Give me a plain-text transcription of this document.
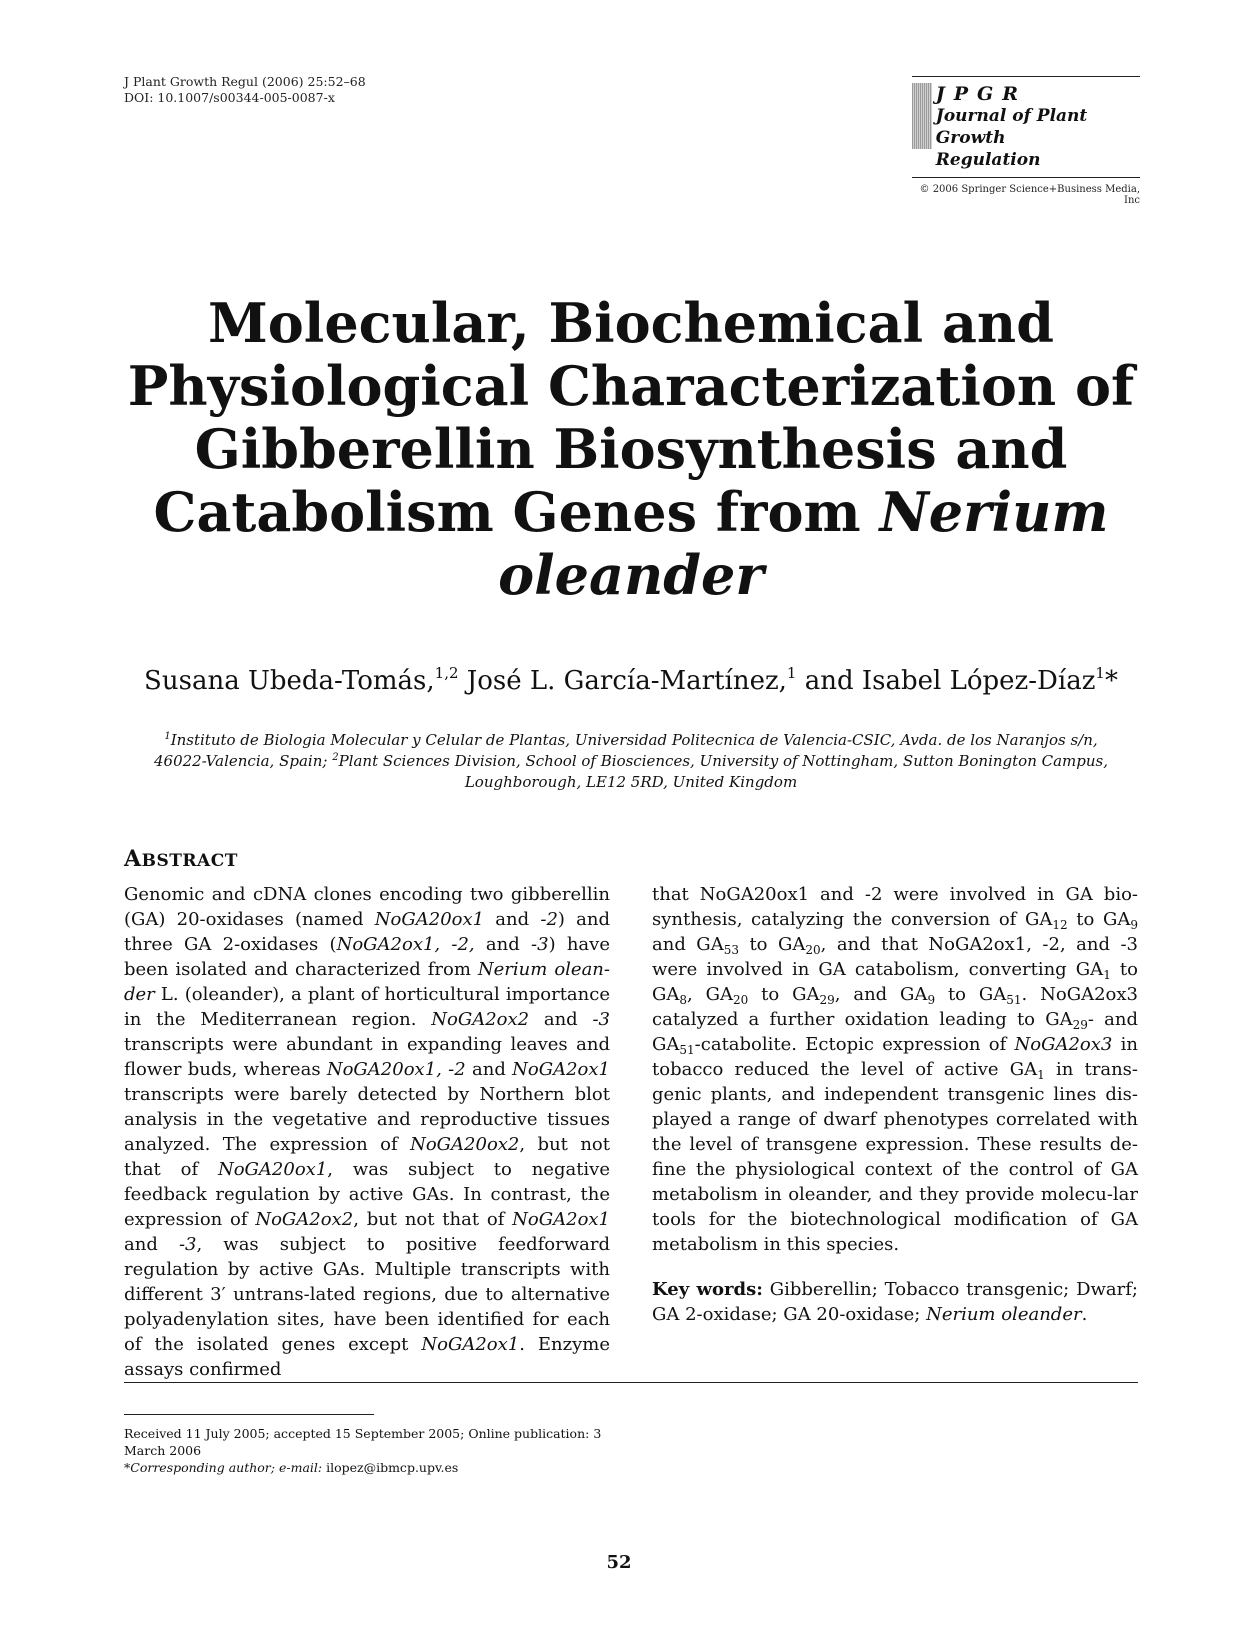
J Plant Growth Regul (2006) 25:52–68
DOI: 10.1007/s00344-005-0087-x	JPGR
Journal of Plant Growth
Regulation
© 2006 Springer Science+Business Media, Inc
Molecular, Biochemical and
Physiological Characterization of
Gibberellin Biosynthesis and
Catabolism Genes from Nerium
oleander
Susana Ubeda-Tomás,$^{1,2}$ José L. García-Martínez,$^1$ and Isabel López-Díaz$^1$*
$^1$Instituto de Biologia Molecular y Celular de Plantas, Universidad Politecnica de Valencia-CSIC, Avda. de los Naranjos s/n,
46022-Valencia, Spain; $^2$Plant Sciences Division, School of Biosciences, University of Nottingham, Sutton Bonington Campus,
Loughborough, LE12 5RD, United Kingdom
ABSTRACT
Genomic and cDNA clones encoding two gibberellin (GA) 20-oxidases (named NoGA20ox1 and -2) and three GA 2-oxidases (NoGA2ox1, -2, and -3) have been isolated and characterized from Nerium olean-der L. (oleander), a plant of horticultural importance in the Mediterranean region. NoGA2ox2 and -3 transcripts were abundant in expanding leaves and flower buds, whereas NoGA20ox1, -2 and NoGA2ox1 transcripts were barely detected by Northern blot analysis in the vegetative and reproductive tissues analyzed. The expression of NoGA20ox2, but not that of NoGA20ox1, was subject to negative feedback regulation by active GAs. In contrast, the expression of NoGA2ox2, but not that of NoGA2ox1 and -3, was subject to positive feedforward regulation by active GAs. Multiple transcripts with different 3′ untrans-lated regions, due to alternative polyadenylation sites, have been identified for each of the isolated genes except NoGA2ox1. Enzyme assays confirmed
that NoGA20ox1 and -2 were involved in GA bio-synthesis, catalyzing the conversion of $GA_{12}$ to $GA_9$ and $GA_{53}$ to $GA_{20}$, and that NoGA2ox1, -2, and -3 were involved in GA catabolism, converting $GA_1$ to $GA_8$, $GA_{20}$ to $GA_{29}$, and $GA_9$ to $GA_{51}$. NoGA2ox3 catalyzed a further oxidation leading to $GA_{29}-$ and $GA_{51}$-catabolite. Ectopic expression of NoGA2ox3 in tobacco reduced the level of active $GA_1$ in trans-genic plants, and independent transgenic lines dis-played a range of dwarf phenotypes correlated with the level of transgene expression. These results de-fine the physiological context of the control of GA metabolism in oleander, and they provide molecu-lar tools for the biotechnological modification of GA metabolism in this species.
Key words: Gibberellin; Tobacco transgenic; Dwarf; GA 2-oxidase; GA 20-oxidase; Nerium oleander.
Received 11 July 2005; accepted 15 September 2005; Online publication: 3 March 2006
*Corresponding author; e-mail: ilopez@ibmcp.upv.es
52
